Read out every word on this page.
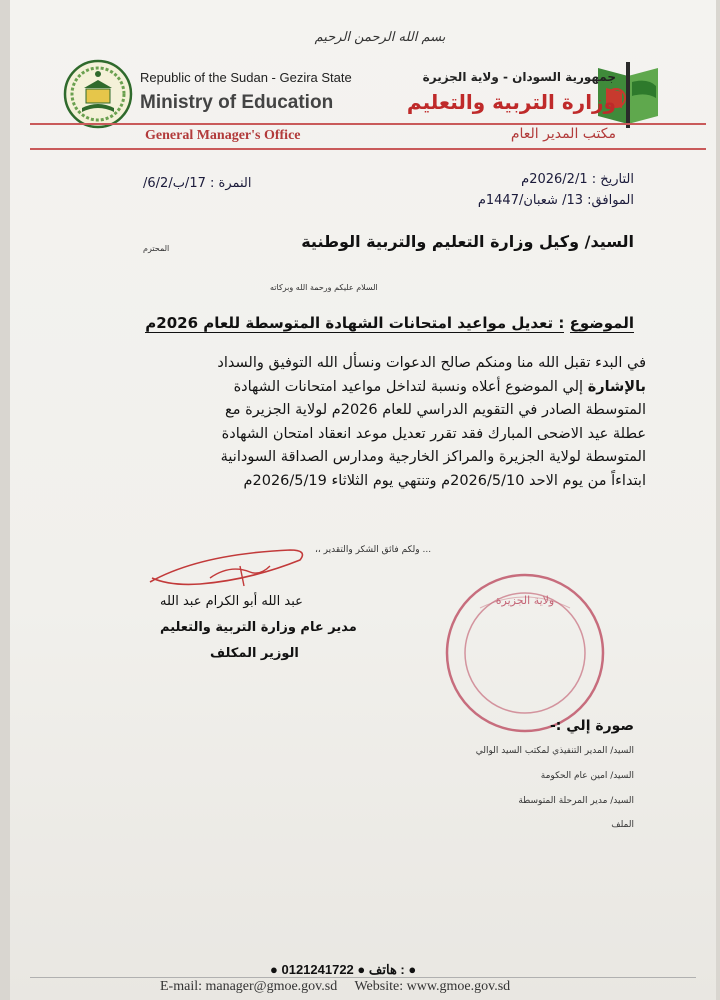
بسم الله الرحمن الرحيم
Republic of the Sudan - Gezira State
Ministry of Education
جمهورية السودان - ولاية الجزيرة
وزارة التربية والتعليم
General Manager's Office	مكتب المدير العام
التاريخ : 2026/2/1م
الموافق: 13/ شعبان/1447م
النمرة : 17/ب/6/2/
السيد/ وكيل وزارة التعليم والتربية الوطنية
المحترم
السلام عليكم ورحمة الله وبركاته
الموضوع : تعديل مواعيد امتحانات الشهادة المتوسطة للعام 2026م

في البدء تقبل الله منا ومنكم صالح الدعوات ونسأل الله التوفيق والسداد

بالإشارة إلي الموضوع أعلاه ونسبة لتداخل مواعيد امتحانات الشهادة

المتوسطة الصادر في التقويم الدراسي للعام 2026م لولاية الجزيرة مع

عطلة عيد الاضحى المبارك فقد تقرر تعديل موعد انعقاد امتحان الشهادة

المتوسطة لولاية الجزيرة والمراكز الخارجية ومدارس الصداقة السودانية

ابتداءاً من يوم الاحد 2026/5/10م وتنتهي يوم الثلاثاء 2026/5/19م

... ولكم فائق الشكر والتقدير ،،
عبد الله أبو الكرام عبد الله
مدير عام وزارة التربية والتعليم
الوزير المكلف
ولاية الجزيرة
صورة إلي :-
السيد/ المدير التنفيذي لمكتب السيد الوالي
السيد/ امين عام الحكومة
السيد/ مدير المرحلة المتوسطة
الملف
● 0121241722 ● هاتف : ●
E-mail: manager@gmoe.gov.sd Website: www.gmoe.gov.sd
